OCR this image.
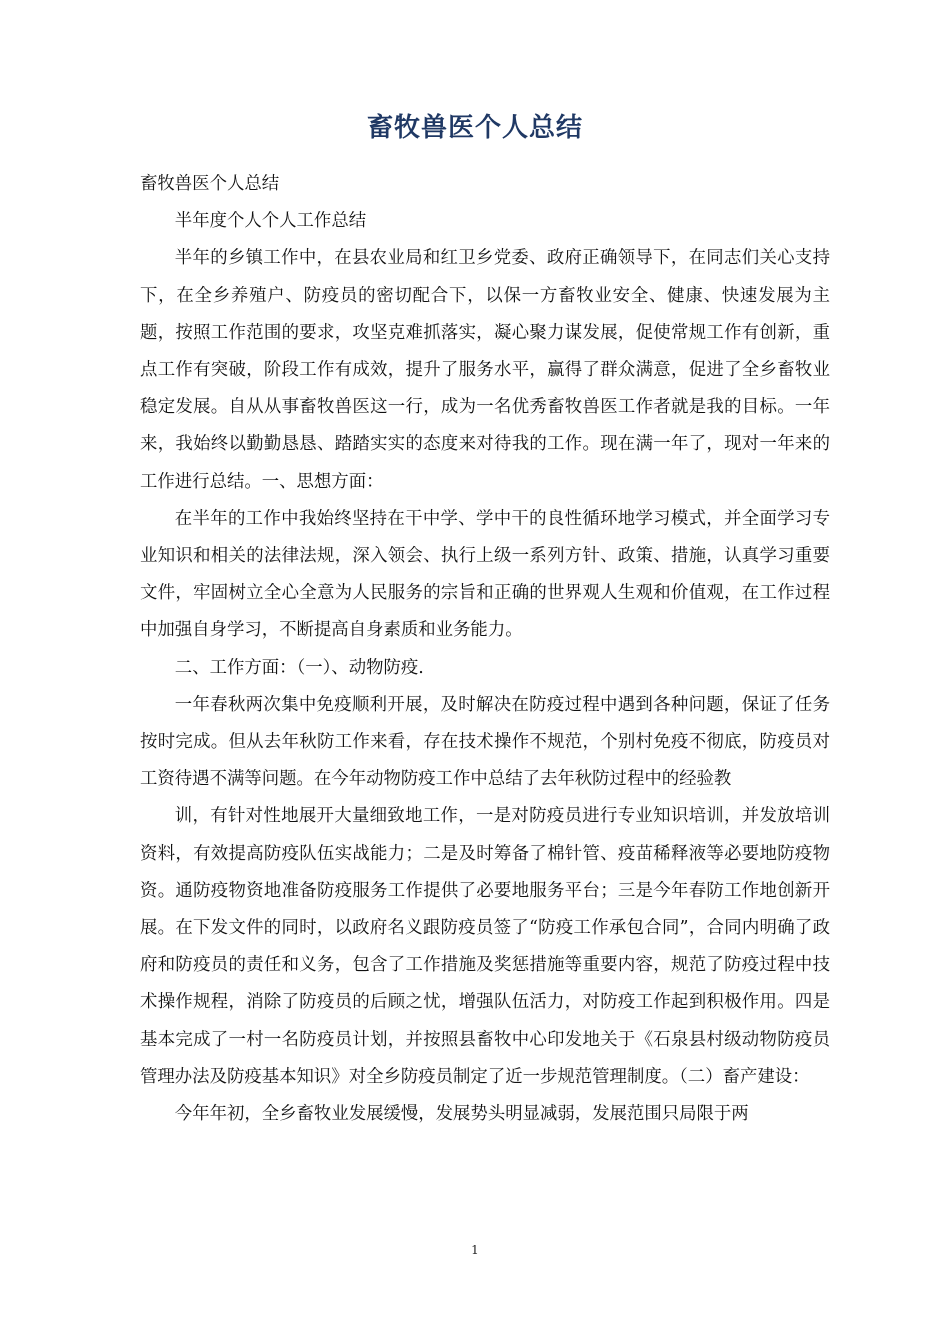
畜牧兽医个人总结

畜牧兽医个人总结

半年度个人个人工作总结

半年的乡镇工作中，在县农业局和红卫乡党委、政府正确领导下，在同志们关心支持下，在全乡养殖户、防疫员的密切配合下，以保一方畜牧业安全、健康、快速发展为主题，按照工作范围的要求，攻坚克难抓落实，凝心聚力谋发展，促使常规工作有创新，重点工作有突破，阶段工作有成效，提升了服务水平，赢得了群众满意，促进了全乡畜牧业稳定发展。自从从事畜牧兽医这一行，成为一名优秀畜牧兽医工作者就是我的目标。一年来，我始终以勤勤恳恳、踏踏实实的态度来对待我的工作。现在满一年了，现对一年来的工作进行总结。一、思想方面：

在半年的工作中我始终坚持在干中学、学中干的良性循环地学习模式，并全面学习专业知识和相关的法律法规，深入领会、执行上级一系列方针、政策、措施，认真学习重要文件，牢固树立全心全意为人民服务的宗旨和正确的世界观人生观和价值观，在工作过程中加强自身学习，不断提高自身素质和业务能力。

二、工作方面：（一）、动物防疫.

一年春秋两次集中免疫顺利开展，及时解决在防疫过程中遇到各种问题，保证了任务按时完成。但从去年秋防工作来看，存在技术操作不规范，个别村免疫不彻底，防疫员对工资待遇不满等问题。在今年动物防疫工作中总结了去年秋防过程中的经验教

训，有针对性地展开大量细致地工作，一是对防疫员进行专业知识培训，并发放培训资料，有效提高防疫队伍实战能力；二是及时筹备了棉针管、疫苗稀释液等必要地防疫物资。通防疫物资地准备防疫服务工作提供了必要地服务平台；三是今年春防工作地创新开展。在下发文件的同时，以政府名义跟防疫员签了“防疫工作承包合同”，合同内明确了政府和防疫员的责任和义务，包含了工作措施及奖惩措施等重要内容，规范了防疫过程中技术操作规程，消除了防疫员的后顾之忧，增强队伍活力，对防疫工作起到积极作用。四是基本完成了一村一名防疫员计划，并按照县畜牧中心印发地关于《石泉县村级动物防疫员管理办法及防疫基本知识》对全乡防疫员制定了近一步规范管理制度。（二）畜产建设：

今年年初，全乡畜牧业发展缓慢，发展势头明显减弱，发展范围只局限于两

1
